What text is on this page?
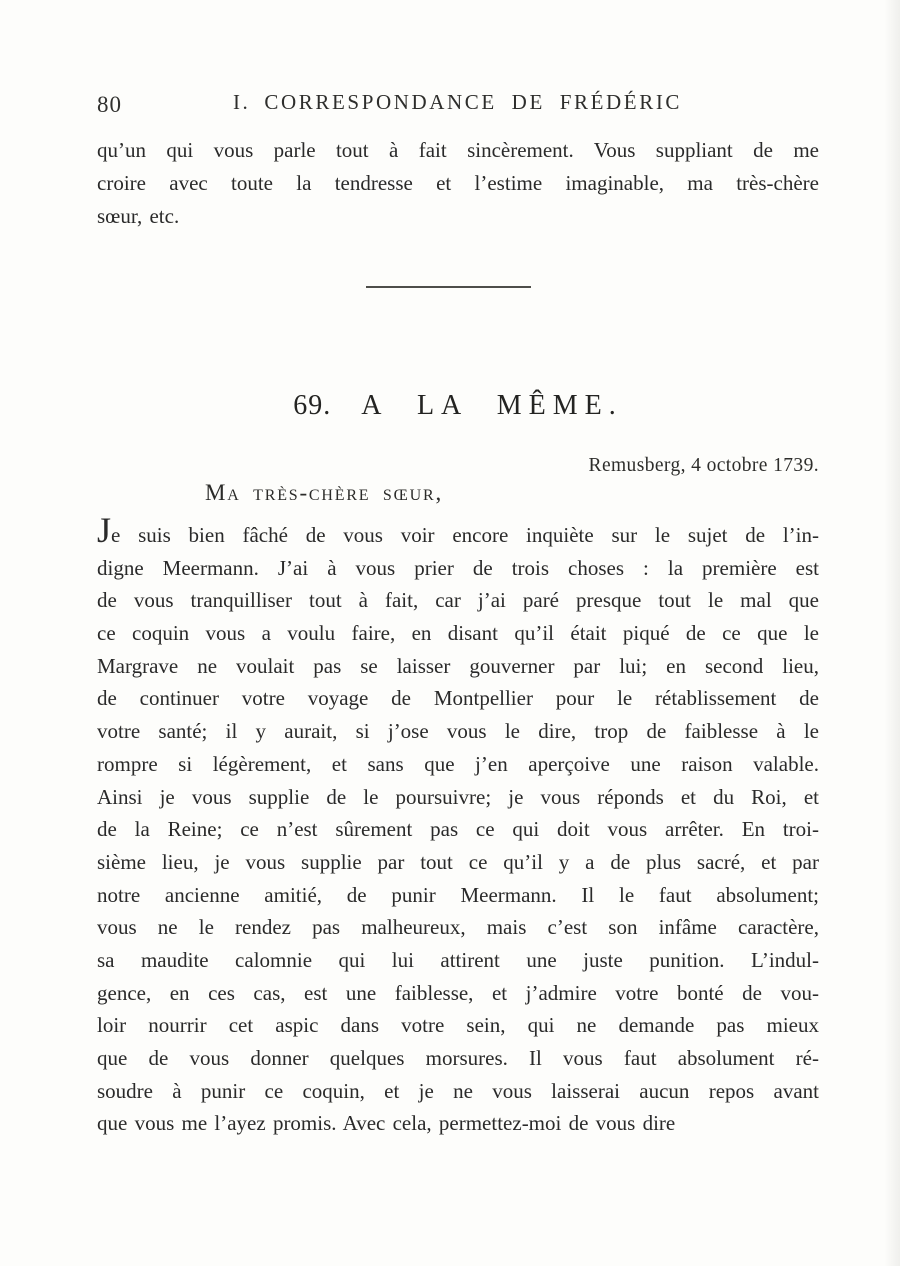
80	I. CORRESPONDANCE DE FRÉDÉRIC
qu’un qui vous parle tout à fait sincèrement. Vous suppliant de me
croire avec toute la tendresse et l’estime imaginable, ma très-chère
sœur, etc.
69. A LA MÊME.
Remusberg, 4 octobre 1739.
Ma très-chère sœur,
Je suis bien fâché de vous voir encore inquiète sur le sujet de l’in-
digne Meermann. J’ai à vous prier de trois choses : la première est
de vous tranquilliser tout à fait, car j’ai paré presque tout le mal que
ce coquin vous a voulu faire, en disant qu’il était piqué de ce que le
Margrave ne voulait pas se laisser gouverner par lui; en second lieu,
de continuer votre voyage de Montpellier pour le rétablissement de
votre santé; il y aurait, si j’ose vous le dire, trop de faiblesse à le
rompre si légèrement, et sans que j’en aperçoive une raison valable.
Ainsi je vous supplie de le poursuivre; je vous réponds et du Roi, et
de la Reine; ce n’est sûrement pas ce qui doit vous arrêter. En troi-
sième lieu, je vous supplie par tout ce qu’il y a de plus sacré, et par
notre ancienne amitié, de punir Meermann. Il le faut absolument;
vous ne le rendez pas malheureux, mais c’est son infâme caractère,
sa maudite calomnie qui lui attirent une juste punition. L’indul-
gence, en ces cas, est une faiblesse, et j’admire votre bonté de vou-
loir nourrir cet aspic dans votre sein, qui ne demande pas mieux
que de vous donner quelques morsures. Il vous faut absolument ré-
soudre à punir ce coquin, et je ne vous laisserai aucun repos avant
que vous me l’ayez promis. Avec cela, permettez-moi de vous dire
